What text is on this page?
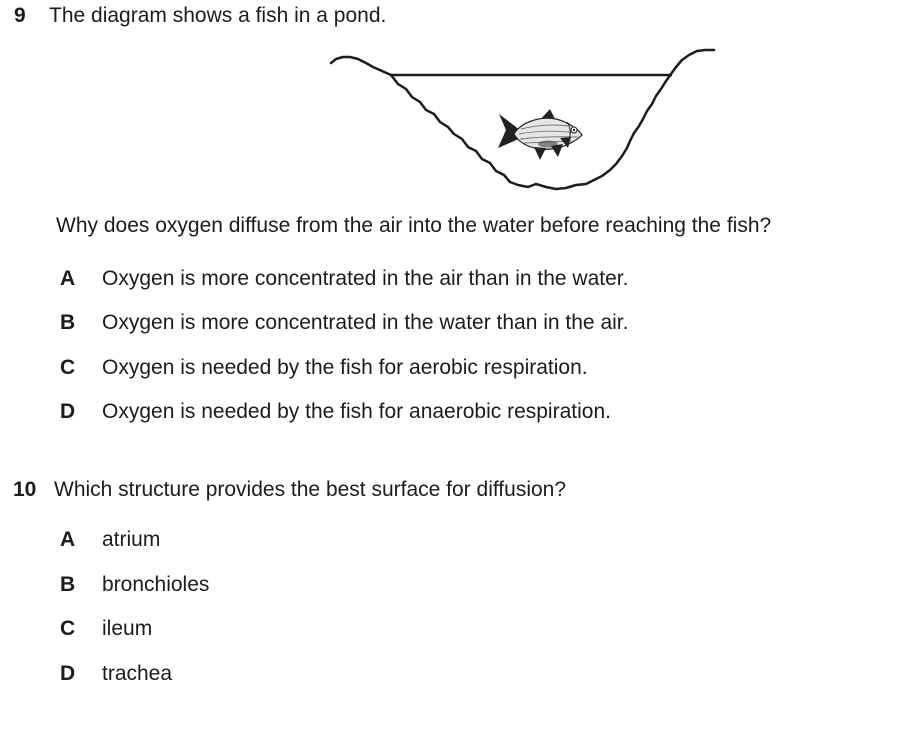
9 The diagram shows a fish in a pond.
Why does oxygen diffuse from the air into the water before reaching the fish?
A Oxygen is more concentrated in the air than in the water.
B Oxygen is more concentrated in the water than in the air.
C Oxygen is needed by the fish for aerobic respiration.
D Oxygen is needed by the fish for anaerobic respiration.
10 Which structure provides the best surface for diffusion?
A atrium
B bronchioles
C ileum
D trachea
